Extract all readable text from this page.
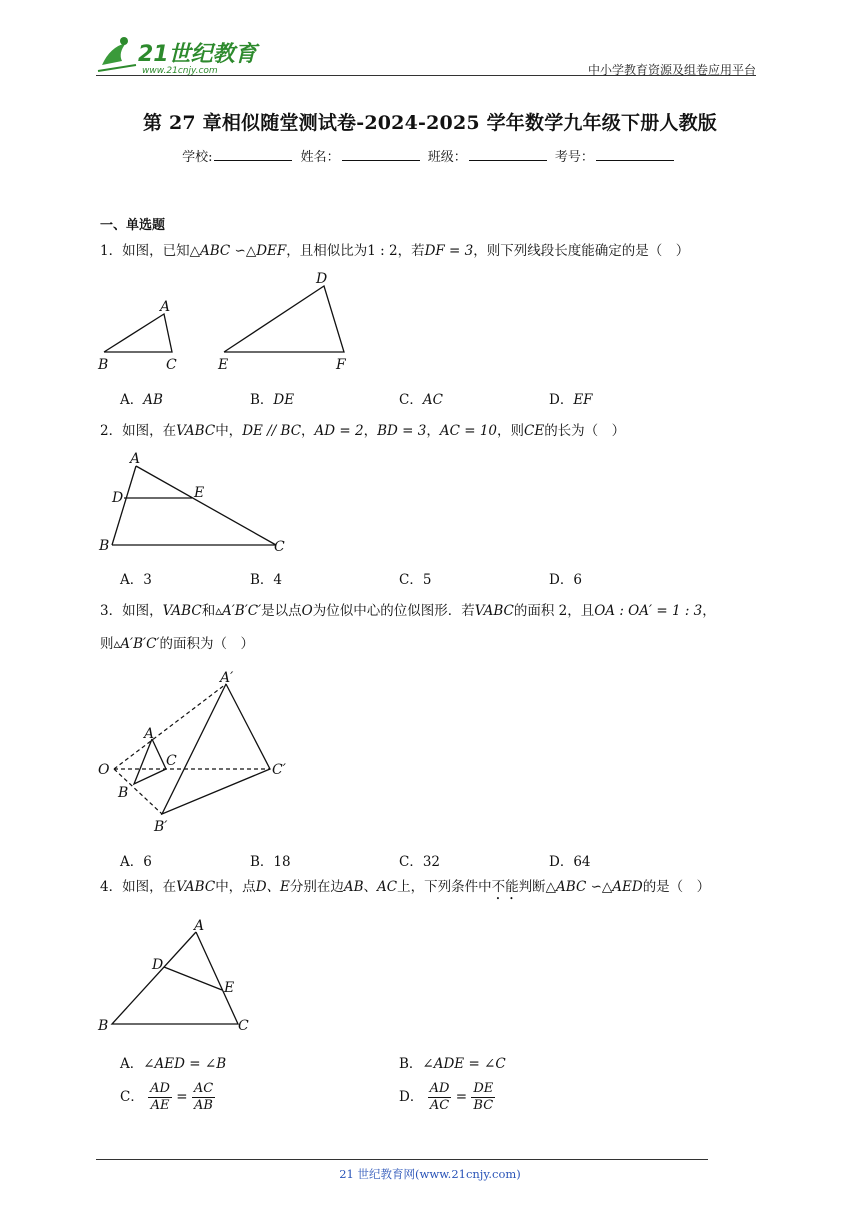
21世纪教育
www.21cnjy.com	中小学教育资源及组卷应用平台
第 27 章相似随堂测试卷-2024-2025 学年数学九年级下册人教版
学校:	姓名：	班级：	考号：
一、单选题
1．如图，已知△ABC ∽△DEF，且相似比为1 : 2，若DF = 3，则下列线段长度能确定的是（　）
A
B	C
D
E	F
A．AB	B．DE	C．AC	D．EF
2．如图，在VABC中，DE // BC，AD = 2，BD = 3，AC = 10，则CE的长为（　）
A
D	E
B	C
A．3	B．4	C．5	D．6
3．如图，VABC和▵A′B′C′是以点O为位似中心的位似图形．若VABC的面积 2，且OA : OA′ = 1 : 3，
则▵A′B′C′的面积为（　）
A′
A
C
O	C′
B
B′
A．6	B．18	C．32	D．64
4．如图，在VABC中，点D、E分别在边AB、AC上，下列条件中不能判断△ABC ∽△AED的是（　）
A
D
E
B	C
A．∠AED = ∠B	B．∠ADE = ∠C
C． $\frac{AD}{AE} = \frac{AC}{AB}$	D． $\frac{AD}{AC} = \frac{DE}{BC}$
21 世纪教育网(www.21cnjy.com)
